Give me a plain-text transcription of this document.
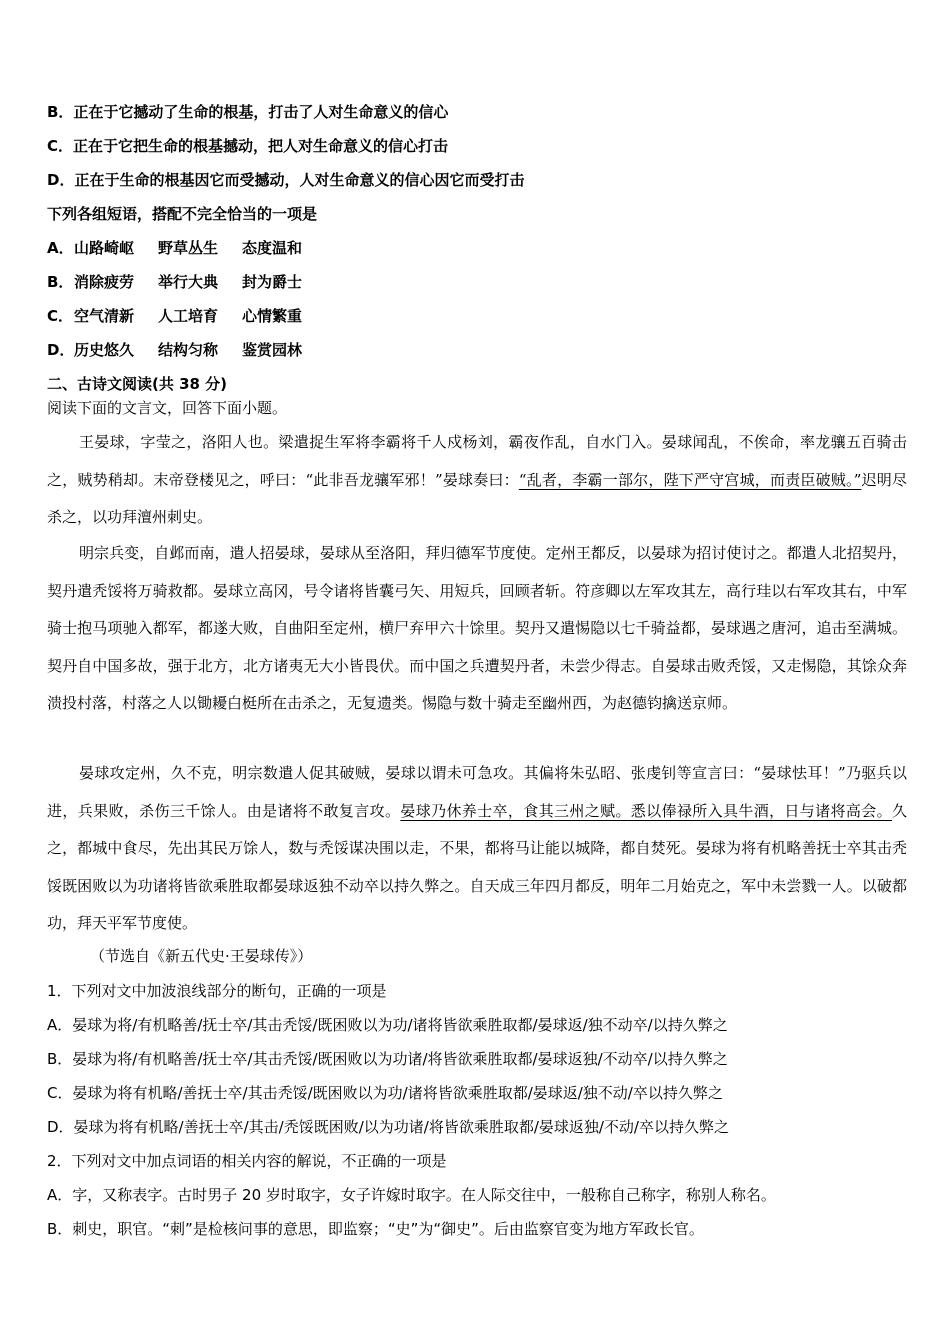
B．正在于它撼动了生命的根基，打击了人对生命意义的信心
C．正在于它把生命的根基撼动，把人对生命意义的信心打击
D．正在于生命的根基因它而受撼动，人对生命意义的信心因它而受打击
下列各组短语，搭配不完全恰当的一项是
A．山路崎岖 野草丛生 态度温和
B．消除疲劳 举行大典 封为爵士
C．空气清新 人工培育 心情繁重
D．历史悠久 结构匀称 鉴赏园林
二、古诗文阅读(共 38 分)
阅读下面的文言文，回答下面小题。
王晏球，字莹之，洛阳人也。梁遣捉生军将李霸将千人戍杨刘，霸夜作乱，自水门入。晏球闻乱，不俟命，率龙骧五百骑击之，贼势稍却。末帝登楼见之，呼曰：“此非吾龙骧军邪！”晏球奏曰：“乱者，李霸一部尔，陛下严守宫城，而责臣破贼。”迟明尽杀之，以功拜澶州刺史。
明宗兵变，自邺而南，遣人招晏球，晏球从至洛阳，拜归德军节度使。定州王都反，以晏球为招讨使讨之。都遣人北招契丹，契丹遣秃馁将万骑救都。晏球立高冈，号令诸将皆囊弓矢、用短兵，回顾者斩。符彦卿以左军攻其左，高行珪以右军攻其右，中军骑士抱马项驰入都军，都遂大败，自曲阳至定州，横尸弃甲六十馀里。契丹又遣惕隐以七千骑益都，晏球遇之唐河，追击至满城。契丹自中国多故，强于北方，北方诸夷无大小皆畏伏。而中国之兵遭契丹者，未尝少得志。自晏球击败秃馁，又走惕隐，其馀众奔溃投村落，村落之人以锄耰白梃所在击杀之，无复遗类。惕隐与数十骑走至幽州西，为赵德钧擒送京师。
晏球攻定州，久不克，明宗数遣人促其破贼，晏球以谓未可急攻。其偏将朱弘昭、张虔钊等宣言曰：“晏球怯耳！”乃驱兵以进，兵果败，杀伤三千馀人。由是诸将不敢复言攻。晏球乃休养士卒，食其三州之赋。悉以俸禄所入具牛酒，日与诸将高会。久之，都城中食尽，先出其民万馀人，数与秃馁谋决围以走，不果，都将马让能以城降，都自焚死。晏球为将有机略善抚士卒其击秃馁既困败以为功诸将皆欲乘胜取都晏球返独不动卒以持久弊之。自天成三年四月都反，明年二月始克之，军中未尝戮一人。以破都功，拜天平军节度使。
（节选自《新五代史·王晏球传》）
1．下列对文中加波浪线部分的断句，正确的一项是
A．晏球为将/有机略善/抚士卒/其击秃馁/既困败以为功/诸将皆欲乘胜取都/晏球返/独不动卒/以持久弊之
B．晏球为将/有机略善/抚士卒/其击秃馁/既困败以为功诸/将皆欲乘胜取都/晏球返独/不动卒/以持久弊之
C．晏球为将有机略/善抚士卒/其击秃馁/既困败以为功/诸将皆欲乘胜取都/晏球返/独不动/卒以持久弊之
D．晏球为将有机略/善抚士卒/其击/秃馁既困败/以为功诸/将皆欲乘胜取都/晏球返独/不动/卒以持久弊之
2．下列对文中加点词语的相关内容的解说，不正确的一项是
A．字，又称表字。古时男子 20 岁时取字，女子许嫁时取字。在人际交往中，一般称自己称字，称别人称名。
B．刺史，职官。“刺”是检核问事的意思，即监察；“史”为“御史”。后由监察官变为地方军政长官。
